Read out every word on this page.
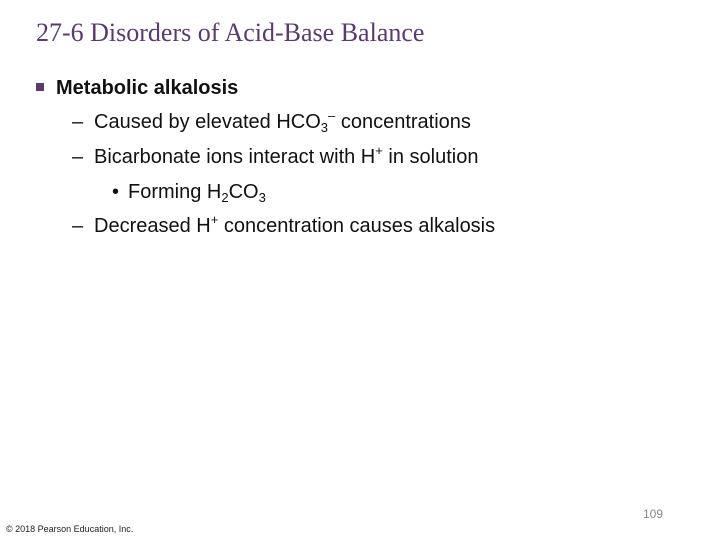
27-6 Disorders of Acid-Base Balance
Metabolic alkalosis
– Caused by elevated $HCO_3^-$ concentrations
– Bicarbonate ions interact with H+ in solution
• Forming $H_2CO_3$
– Decreased H+ concentration causes alkalosis
109
© 2018 Pearson Education, Inc.
